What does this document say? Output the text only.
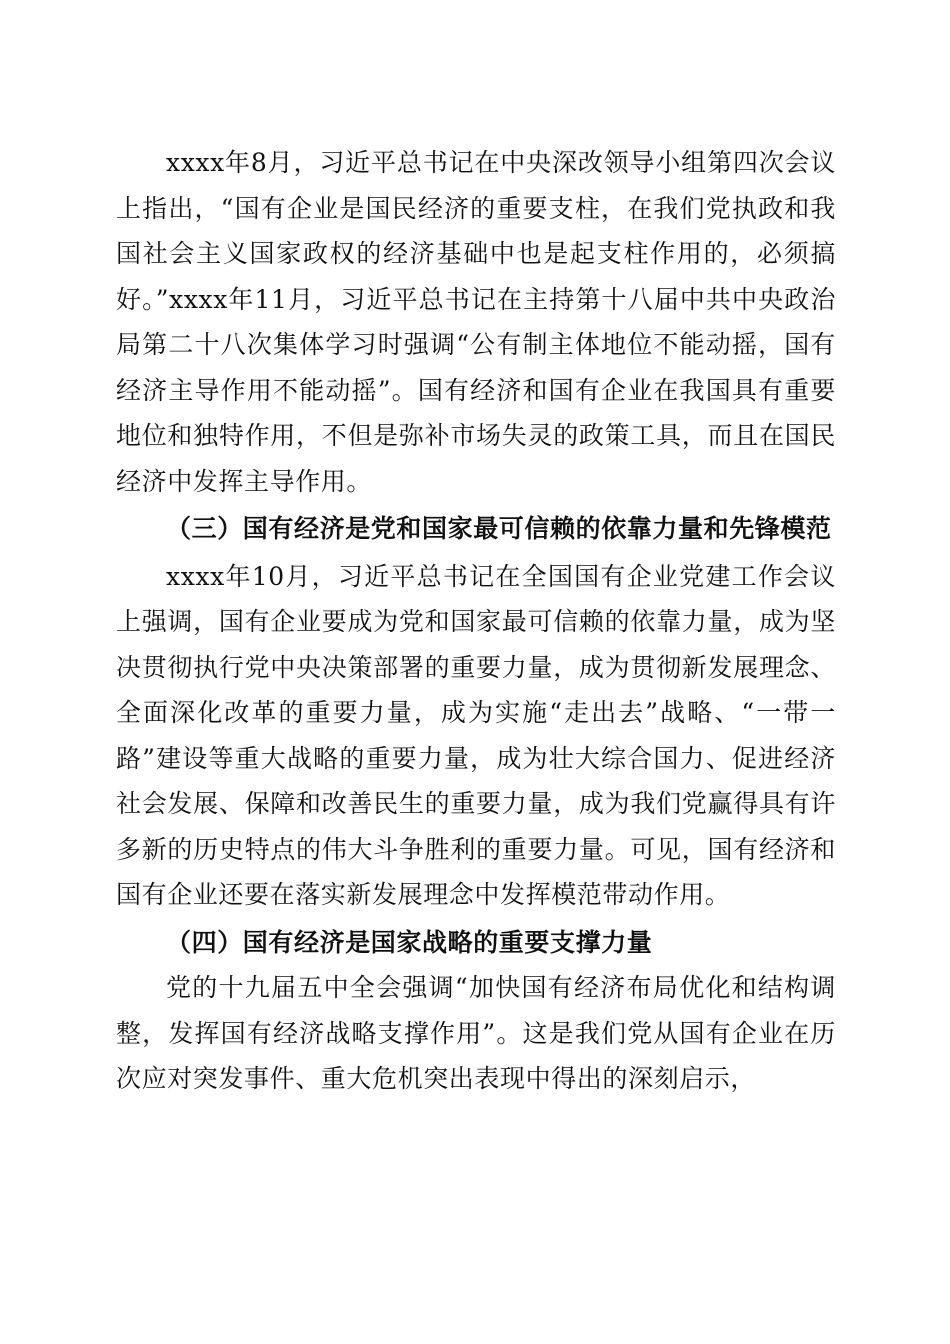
xxxx年8月，习近平总书记在中央深改领导小组第四次会议上指出，“国有企业是国民经济的重要支柱，在我们党执政和我国社会主义国家政权的经济基础中也是起支柱作用的，必须搞好。”xxxx年11月，习近平总书记在主持第十八届中共中央政治局第二十八次集体学习时强调“公有制主体地位不能动摇，国有经济主导作用不能动摇”。国有经济和国有企业在我国具有重要地位和独特作用，不但是弥补市场失灵的政策工具，而且在国民经济中发挥主导作用。

（三）国有经济是党和国家最可信赖的依靠力量和先锋模范

xxxx年10月，习近平总书记在全国国有企业党建工作会议上强调，国有企业要成为党和国家最可信赖的依靠力量，成为坚决贯彻执行党中央决策部署的重要力量，成为贯彻新发展理念、全面深化改革的重要力量，成为实施“走出去”战略、“一带一路”建设等重大战略的重要力量，成为壮大综合国力、促进经济社会发展、保障和改善民生的重要力量，成为我们党赢得具有许多新的历史特点的伟大斗争胜利的重要力量。可见，国有经济和国有企业还要在落实新发展理念中发挥模范带动作用。

（四）国有经济是国家战略的重要支撑力量

党的十九届五中全会强调“加快国有经济布局优化和结构调整，发挥国有经济战略支撑作用”。这是我们党从国有企业在历次应对突发事件、重大危机突出表现中得出的深刻启示，
